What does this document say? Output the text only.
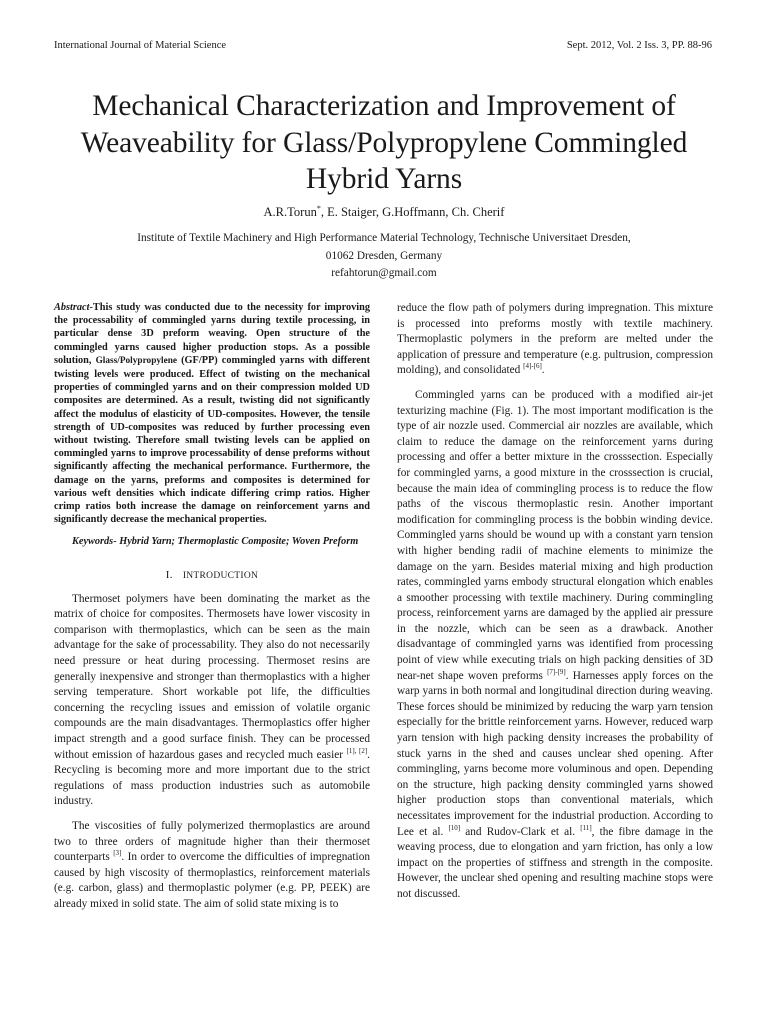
International Journal of Material Science	Sept. 2012, Vol. 2 Iss. 3, PP. 88-96
Mechanical Characterization and Improvement of
Weaveability for Glass/Polypropylene Commingled
Hybrid Yarns
A.R.Torun*, E. Staiger, G.Hoffmann, Ch. Cherif
Institute of Textile Machinery and High Performance Material Technology, Technische Universitaet Dresden,
01062 Dresden, Germany
refahtorun@gmail.com

Abstract-This study was conducted due to the necessity for improving the processability of commingled yarns during textile processing, in particular dense 3D preform weaving. Open structure of the commingled yarns caused higher production stops. As a possible solution, Glass/Polypropylene (GF/PP) commingled yarns with different twisting levels were produced. Effect of twisting on the mechanical properties of commingled yarns and on their compression molded UD composites are determined. As a result, twisting did not significantly affect the modulus of elasticity of UD-composites. However, the tensile strength of UD-composites was reduced by further processing even without twisting. Therefore small twisting levels can be applied on commingled yarns to improve processability of dense preforms without significantly affecting the mechanical performance. Furthermore, the damage on the yarns, preforms and composites is determined for various weft densities which indicate differing crimp ratios. Higher crimp ratios both increase the damage on reinforcement yarns and significantly decrease the mechanical properties.

Keywords- Hybrid Yarn; Thermoplastic Composite; Woven Preform

I. INTRODUCTION

Thermoset polymers have been dominating the market as the matrix of choice for composites. Thermosets have lower viscosity in comparison with thermoplastics, which can be seen as the main advantage for the sake of processability. They also do not necessarily need pressure or heat during processing. Thermoset resins are generally inexpensive and stronger than thermoplastics with a higher serving temperature. Short workable pot life, the difficulties concerning the recycling issues and emission of volatile organic compounds are the main disadvantages. Thermoplastics offer higher impact strength and a good surface finish. They can be processed without emission of hazardous gases and recycled much easier [1], [2]. Recycling is becoming more and more important due to the strict regulations of mass production industries such as automobile industry.

The viscosities of fully polymerized thermoplastics are around two to three orders of magnitude higher than their thermoset counterparts [3]. In order to overcome the difficulties of impregnation caused by high viscosity of thermoplastics, reinforcement materials (e.g. carbon, glass) and thermoplastic polymer (e.g. PP, PEEK) are already mixed in solid state. The aim of solid state mixing is to

reduce the flow path of polymers during impregnation. This mixture is processed into preforms mostly with textile machinery. Thermoplastic polymers in the preform are melted under the application of pressure and temperature (e.g. pultrusion, compression molding), and consolidated [4]-[6].

Commingled yarns can be produced with a modified air-jet texturizing machine (Fig. 1). The most important modification is the type of air nozzle used. Commercial air nozzles are available, which claim to reduce the damage on the reinforcement yarns during processing and offer a better mixture in the crosssection. Especially for commingled yarns, a good mixture in the crosssection is crucial, because the main idea of commingling process is to reduce the flow paths of the viscous thermoplastic resin. Another important modification for commingling process is the bobbin winding device. Commingled yarns should be wound up with a constant yarn tension with higher bending radii of machine elements to minimize the damage on the yarn. Besides material mixing and high production rates, commingled yarns embody structural elongation which enables a smoother processing with textile machinery. During commingling process, reinforcement yarns are damaged by the applied air pressure in the nozzle, which can be seen as a drawback. Another disadvantage of commingled yarns was identified from processing point of view while executing trials on high packing densities of 3D near-net shape woven preforms [7]-[9]. Harnesses apply forces on the warp yarns in both normal and longitudinal direction during weaving. These forces should be minimized by reducing the warp yarn tension especially for the brittle reinforcement yarns. However, reduced warp yarn tension with high packing density increases the probability of stuck yarns in the shed and causes unclear shed opening. After commingling, yarns become more voluminous and open. Depending on the structure, high packing density commingled yarns showed higher production stops than conventional materials, which necessitates improvement for the industrial production. According to Lee et al. [10] and Rudov-Clark et al. [11], the fibre damage in the weaving process, due to elongation and yarn friction, has only a low impact on the properties of stiffness and strength in the composite. However, the unclear shed opening and resulting machine stops were not discussed.
